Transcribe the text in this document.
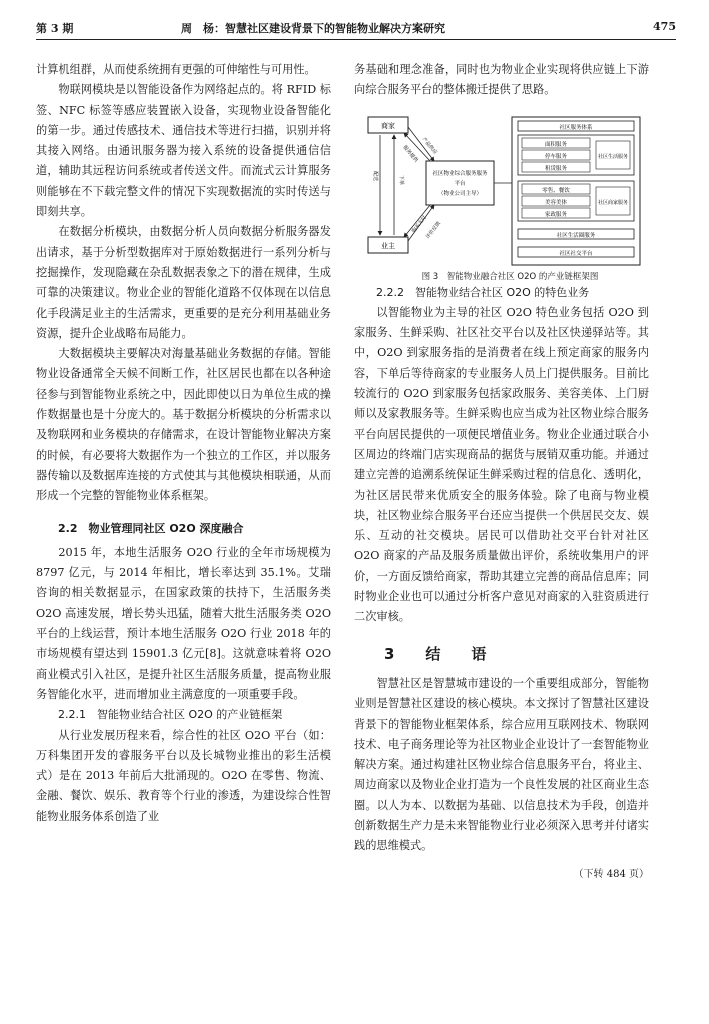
第 3 期	周　杨：智慧社区建设背景下的智能物业解决方案研究	475

计算机组群，从而使系统拥有更强的可伸缩性与可用性。

物联网模块是以智能设备作为网络起点的。将 RFID 标签、NFC 标签等感应装置嵌入设备，实现物业设备智能化的第一步。通过传感技术、通信技术等进行扫描，识别并将其接入网络。由通讯服务器为接入系统的设备提供通信信道，辅助其远程访问系统或者传送文件。而流式云计算服务则能够在不下载完整文件的情况下实现数据流的实时传送与即刻共享。

在数据分析模块，由数据分析人员向数据分析服务器发出请求，基于分析型数据库对于原始数据进行一系列分析与挖掘操作，发现隐藏在杂乱数据表象之下的潜在规律，生成可靠的决策建议。物业企业的智能化道路不仅体现在以信息化手段满足业主的生活需求，更重要的是充分利用基础业务资源，提升企业战略布局能力。

大数据模块主要解决对海量基础业务数据的存储。智能物业设备通常全天候不间断工作，社区居民也都在以各种途径参与到智能物业系统之中，因此即使以日为单位生成的操作数据量也是十分庞大的。基于数据分析模块的分析需求以及物联网和业务模块的存储需求，在设计智能物业解决方案的时候，有必要将大数据作为一个独立的工作区，并以服务器传输以及数据库连接的方式使其与其他模块相联通，从而形成一个完整的智能物业体系框架。

2.2　物业管理同社区 O2O 深度融合

2015 年，本地生活服务 O2O 行业的全年市场规模为 8797 亿元，与 2014 年相比，增长率达到 35.1%。艾瑞咨询的相关数据显示，在国家政策的扶持下，生活服务类 O2O 高速发展，增长势头迅猛，随着大批生活服务类 O2O 平台的上线运营，预计本地生活服务 O2O 行业 2018 年的市场规模有望达到 15901.3 亿元[8]。这就意味着将 O2O 商业模式引入社区，是提升社区生活服务质量，提高物业服务智能化水平，进而增加业主满意度的一项重要手段。

2.2.1　智能物业结合社区 O2O 的产业链框架

从行业发展历程来看，综合性的社区 O2O 平台（如：万科集团开发的睿服务平台以及长城物业推出的彩生活模式）是在 2013 年前后大批涌现的。O2O 在零售、物流、金融、餐饮、娱乐、教育等个行业的渗透，为建设综合性智能物业服务体系创造了业

务基础和理念准备，同时也为物业企业实现将供应链上下游向综合服务平台的整体搬迁提供了思路。

商家
业主
社区物业综合服务服务
平台
（物业公司主导）
产品供应
服务提供
购买支付
评价反馈
配送	下单
社区服务体系
面积服务
停车服务
租赁服务
社区生活服务
零售、餐饮
美容美体
家政服务
社区商家服务
社区生活圈服务
社区社交平台

图 3　智能物业融合社区 O2O 的产业链框架图

2.2.2　智能物业结合社区 O2O 的特色业务

以智能物业为主导的社区 O2O 特色业务包括 O2O 到家服务、生鲜采购、社区社交平台以及社区快递驿站等。其中，O2O 到家服务指的是消费者在线上预定商家的服务内容，下单后等待商家的专业服务人员上门提供服务。目前比较流行的 O2O 到家服务包括家政服务、美容美体、上门厨师以及家教服务等。生鲜采购也应当成为社区物业综合服务平台向居民提供的一项便民增值业务。物业企业通过联合小区周边的终端门店实现商品的据货与展销双重功能。并通过建立完善的追溯系统保证生鲜采购过程的信息化、透明化，为社区居民带来优质安全的服务体验。除了电商与物业模块，社区物业综合服务平台还应当提供一个供居民交友、娱乐、互动的社交模块。居民可以借助社交平台针对社区 O2O 商家的产品及服务质量做出评价，系统收集用户的评价，一方面反馈给商家，帮助其建立完善的商品信息库；同时物业企业也可以通过分析客户意见对商家的入驻资质进行二次审核。

3　结　语

智慧社区是智慧城市建设的一个重要组成部分，智能物业则是智慧社区建设的核心模块。本文探讨了智慧社区建设背景下的智能物业框架体系，综合应用互联网技术、物联网技术、电子商务理论等为社区物业企业设计了一套智能物业解决方案。通过构建社区物业综合信息服务平台，将业主、周边商家以及物业企业打造为一个良性发展的社区商业生态圈。以人为本、以数据为基础、以信息技术为手段，创造并创新数据生产力是未来智能物业行业必须深入思考并付诸实践的思维模式。

（下转 484 页）
